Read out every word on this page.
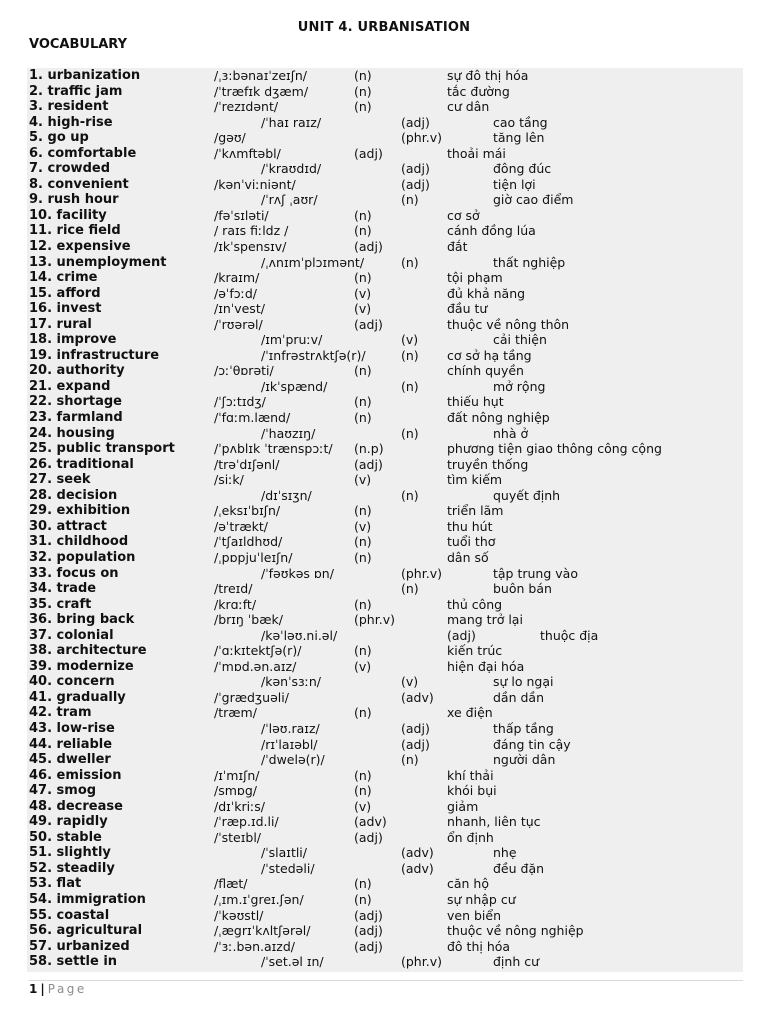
UNIT 4. URBANISATION
VOCABULARY
1. urbanization	/ˌɜ:bənaɪˈzeɪʃn/	(n)	sự đô thị hóa
2. traffic jam	/ˈtræfɪk dʒæm/	(n)	tắc đường
3. resident	/ˈrezɪdənt/	(n)	cư dân
4. high-rise	/ˈhaɪ raɪz/	(adj)	cao tầng
5. go up	/gəʊ/	(phr.v)	tăng lên
6. comfortable	/ˈkʌmftəbl/	(adj)	thoải mái
7. crowded	/ˈkraʊdɪd/	(adj)	đông đúc
8. convenient	/kənˈviːniənt/	(adj)	tiện lợi
9. rush hour	/ˈrʌʃ ˌaʊr/	(n)	giờ cao điểm
10. facility	/fəˈsɪləti/	(n)	cơ sở
11. rice field	/ raɪs fiːldz /	(n)	cánh đồng lúa
12. expensive	/ɪkˈspensɪv/	(adj)	đắt
13. unemployment	/ˌʌnɪmˈplɔɪmənt/	(n)	thất nghiệp
14. crime	/kraɪm/	(n)	tội phạm
15. afford	/əˈfɔːd/	(v)	đủ khả năng
16. invest	/ɪnˈvest/	(v)	đầu tư
17. rural	/ˈrʊərəl/	(adj)	thuộc về nông thôn
18. improve	/ɪmˈpruːv/	(v)	cải thiện
19. infrastructure	/ˈɪnfrəstrʌktʃə(r)/	(n) cơ sở hạ tầng
20. authority	/ɔːˈθɒrəti/	(n)	chính quyền
21. expand	/ɪkˈspænd/	(n)	mở rộng
22. shortage	/ˈʃɔːtɪdʒ/	(n)	thiếu hụt
23. farmland	/ˈfɑːm.lænd/	(n)	đất nông nghiệp
24. housing	/ˈhaʊzɪŋ/	(n)	nhà ở
25. public transport	/ˈpʌblɪk ˈtrænspɔːt/ (n.p)	phương tiện giao thông công cộng
26. traditional	/trəˈdɪʃənl/	(adj)	truyền thống
27. seek	/siːk/	(v)	tìm kiếm
28. decision	/dɪˈsɪʒn/	(n)	quyết định
29. exhibition	/ˌeksɪˈbɪʃn/	(n)	triển lãm
30. attract	/əˈtrækt/	(v)	thu hút
31. childhood	/ˈtʃaɪldhʊd/	(n)	tuổi thơ
32. population	/ˌpɒpjuˈleɪʃn/	(n)	dân số
33. focus on	/ˈfəʊkəs ɒn/	(phr.v)	tập trung vào
34. trade	/treɪd/	(n)	buôn bán
35. craft	/krɑːft/	(n)	thủ công
36. bring back	/brɪŋ ˈbæk/	(phr.v)	mang trở lại
37. colonial	/kəˈləʊ.ni.əl/	(adj)	thuộc địa
38. architecture	/ˈɑːkɪtektʃə(r)/	(n)	kiến trúc
39. modernize	/ˈmɒd.ən.aɪz/	(v)	hiện đại hóa
40. concern	/kənˈsɜːn/	(v)	sự lo ngại
41. gradually	/ˈgrædʒuəli/	(adv)	dần dần
42. tram	/træm/	(n)	xe điện
43. low-rise	/ˈləʊ.raɪz/	(adj)	thấp tầng
44. reliable	/rɪˈlaɪəbl/	(adj)	đáng tin cậy
45. dweller	/ˈdwelə(r)/	(n)	người dân
46. emission	/ɪˈmɪʃn/	(n)	khí thải
47. smog	/smɒg/	(n)	khói bụi
48. decrease	/dɪˈkriːs/	(v)	giảm
49. rapidly	/ˈræp.ɪd.li/	(adv)	nhanh, liên tục
50. stable	/ˈsteɪbl/	(adj)	ổn định
51. slightly	/ˈslaɪtli/	(adv)	nhẹ
52. steadily	/ˈstedəli/	(adv)	đều đặn
53. flat	/flæt/	(n)	căn hộ
54. immigration	/ˌɪm.ɪˈgreɪ.ʃən/	(n)	sự nhập cư
55. coastal	/ˈkəʊstl/	(adj)	ven biển
56. agricultural	/ˌægrɪˈkʌltʃərəl/	(adj)	thuộc về nông nghiệp
57. urbanized	/ˈɜː.bən.aɪzd/	(adj)	đô thị hóa
58. settle in	/ˈset.əl ɪn/	(phr.v)	định cư
1 | Page
